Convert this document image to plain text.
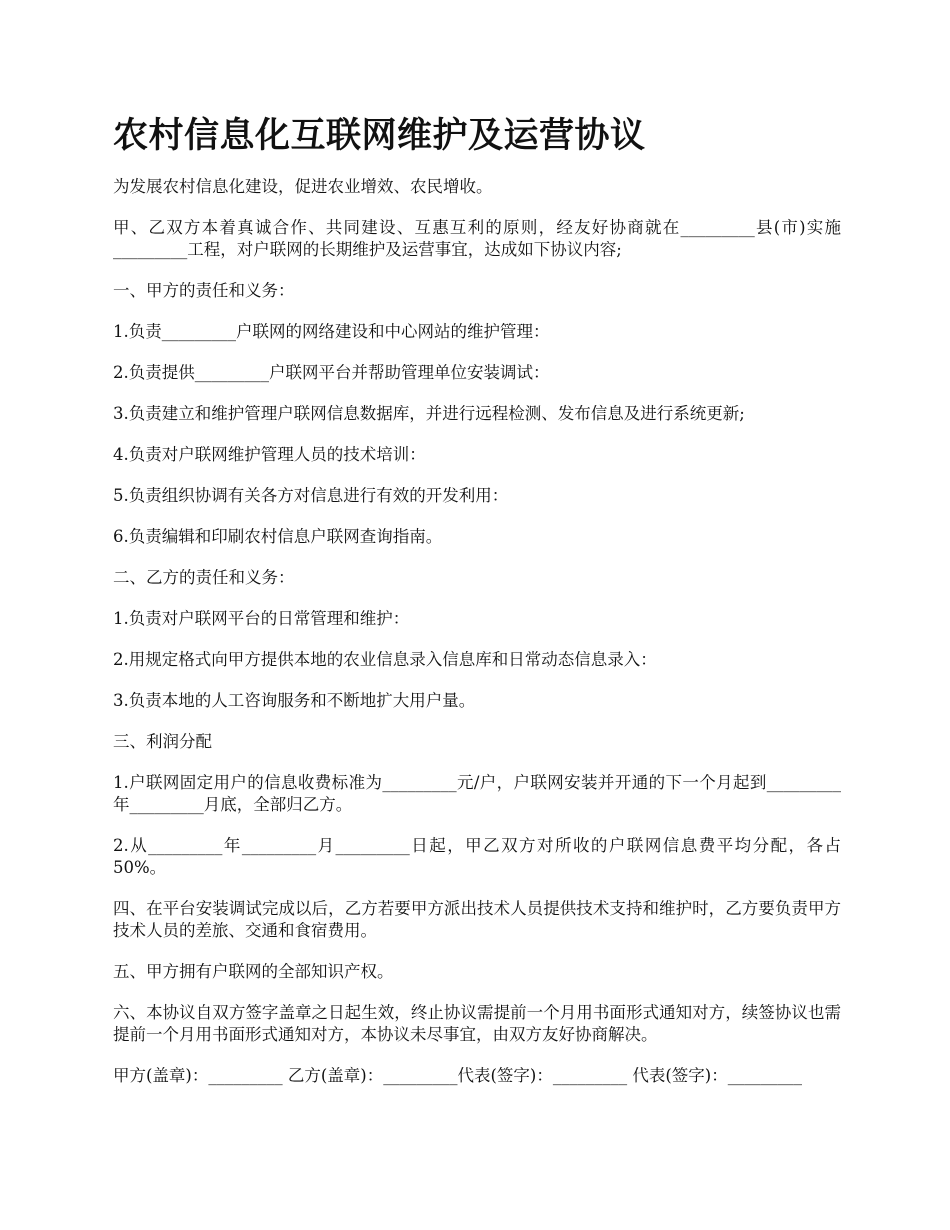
农村信息化互联网维护及运营协议

为发展农村信息化建设，促进农业增效、农民增收。

甲、乙双方本着真诚合作、共同建设、互惠互利的原则，经友好协商就在_________县(市)实施_________工程，对户联网的长期维护及运营事宜，达成如下协议内容;

一、甲方的责任和义务：

1.负责_________户联网的网络建设和中心网站的维护管理：

2.负责提供_________户联网平台并帮助管理单位安装调试：

3.负责建立和维护管理户联网信息数据库，并进行远程检测、发布信息及进行系统更新;

4.负责对户联网维护管理人员的技术培训：

5.负责组织协调有关各方对信息进行有效的开发利用：

6.负责编辑和印刷农村信息户联网查询指南。

二、乙方的责任和义务：

1.负责对户联网平台的日常管理和维护：

2.用规定格式向甲方提供本地的农业信息录入信息库和日常动态信息录入：

3.负责本地的人工咨询服务和不断地扩大用户量。

三、利润分配

1.户联网固定用户的信息收费标准为_________元/户，户联网安装并开通的下一个月起到_________年_________月底，全部归乙方。

2.从_________年_________月_________日起，甲乙双方对所收的户联网信息费平均分配，各占50%。

四、在平台安装调试完成以后，乙方若要甲方派出技术人员提供技术支持和维护时，乙方要负责甲方技术人员的差旅、交通和食宿费用。

五、甲方拥有户联网的全部知识产权。

六、本协议自双方签字盖章之日起生效，终止协议需提前一个月用书面形式通知对方，续签协议也需提前一个月用书面形式通知对方，本协议未尽事宜，由双方友好协商解决。

甲方(盖章)：_________ 乙方(盖章)：_________代表(签字)：_________ 代表(签字)：_________
